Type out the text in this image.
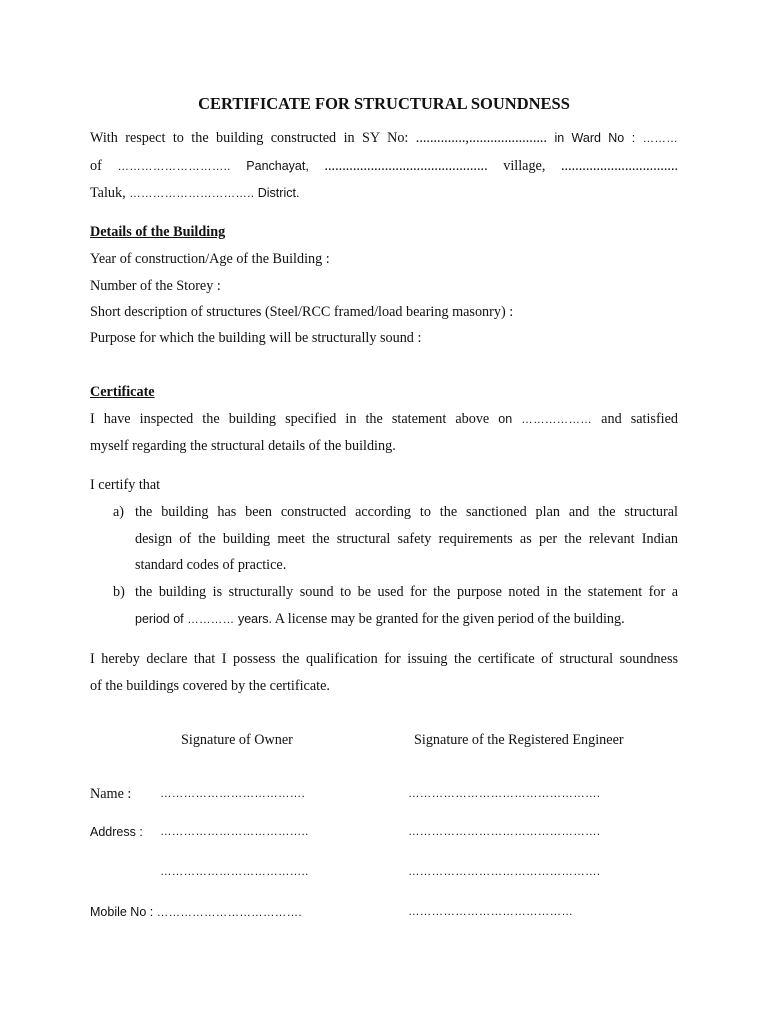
CERTIFICATE FOR STRUCTURAL SOUNDNESS
With respect to the building constructed in SY No: ..............,...................... in Ward No : ………
of ……………………….. Panchayat, .............................................. village, .................................
Taluk, ………………………….. District.
Details of the Building
Year of construction/Age of the Building :
Number of the Storey :
Short description of structures (Steel/RCC framed/load bearing masonry) :
Purpose for which the building will be structurally sound :
Certificate
I have inspected the building specified in the statement above on ……………… and satisfied
myself regarding the structural details of the building.
I certify that
a) the building has been constructed according to the sanctioned plan and the structural
design of the building meet the structural safety requirements as per the relevant Indian
standard codes of practice.
b) the building is structurally sound to be used for the purpose noted in the statement for a
period of ………… years. A license may be granted for the given period of the building.
I hereby declare that I possess the qualification for issuing the certificate of structural soundness
of the buildings covered by the certificate.
Signature of Owner	Signature of the Registered Engineer
Name : ……………………………….	………………………………………….
Address : ………………………………..	………………………………………….
………………………………..	………………………………………….
Mobile No : ……………………………….	……………………………………
